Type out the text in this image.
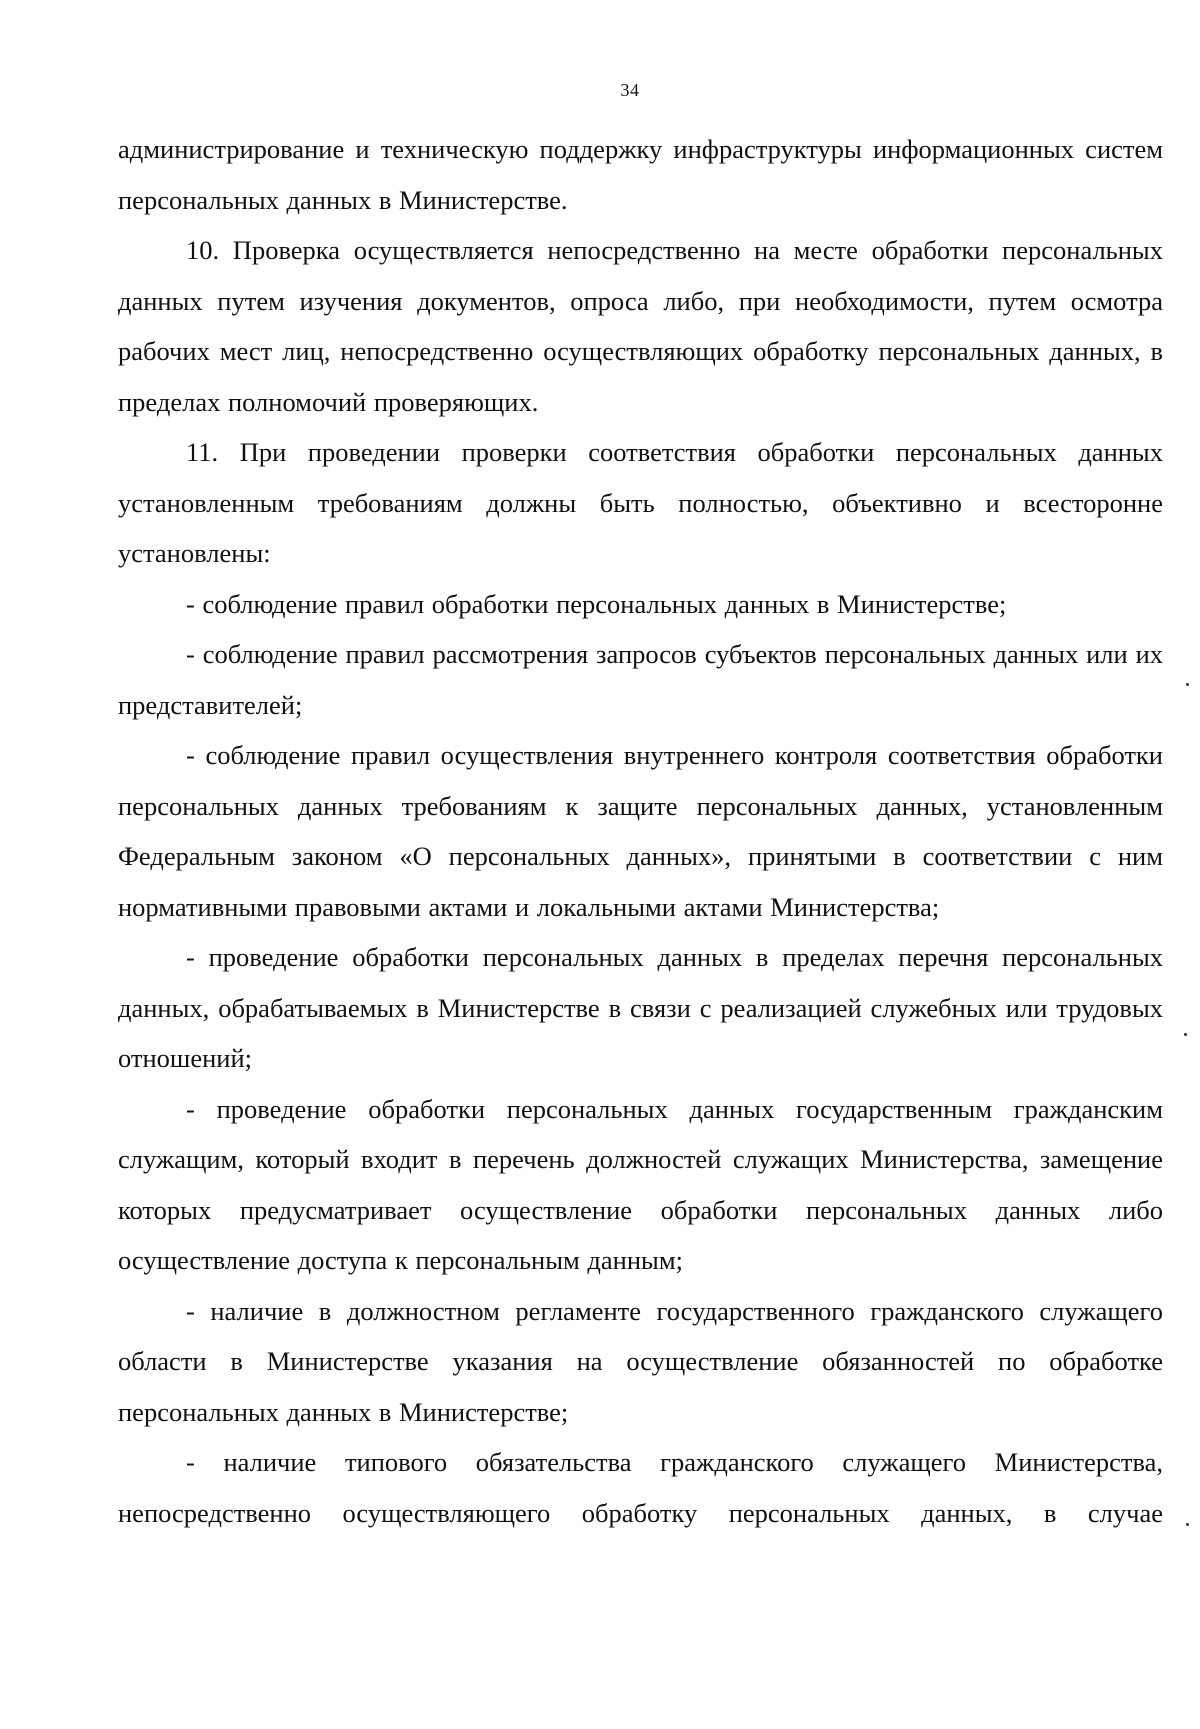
34

администрирование и техническую поддержку инфраструктуры информационных систем персональных данных в Министерстве.

10. Проверка осуществляется непосредственно на месте обработки персональных данных путем изучения документов, опроса либо, при необходимости, путем осмотра рабочих мест лиц, непосредственно осуществляющих обработку персональных данных, в пределах полномочий проверяющих.

11. При проведении проверки соответствия обработки персональных данных установленным требованиям должны быть полностью, объективно и всесторонне установлены:

- соблюдение правил обработки персональных данных в Министерстве;

- соблюдение правил рассмотрения запросов субъектов персональных данных или их представителей;

- соблюдение правил осуществления внутреннего контроля соответствия обработки персональных данных требованиям к защите персональных данных, установленным Федеральным законом «О персональных данных», принятыми в соответствии с ним нормативными правовыми актами и локальными актами Министерства;

- проведение обработки персональных данных в пределах перечня персональных данных, обрабатываемых в Министерстве в связи с реализацией служебных или трудовых отношений;

- проведение обработки персональных данных государственным гражданским служащим, который входит в перечень должностей служащих Министерства, замещение которых предусматривает осуществление обработки персональных данных либо осуществление доступа к персональным данным;

- наличие в должностном регламенте государственного гражданского служащего области в Министерстве указания на осуществление обязанностей по обработке персональных данных в Министерстве;

- наличие типового обязательства гражданского служащего Министерства, непосредственно осуществляющего обработку персональных данных, в случае
